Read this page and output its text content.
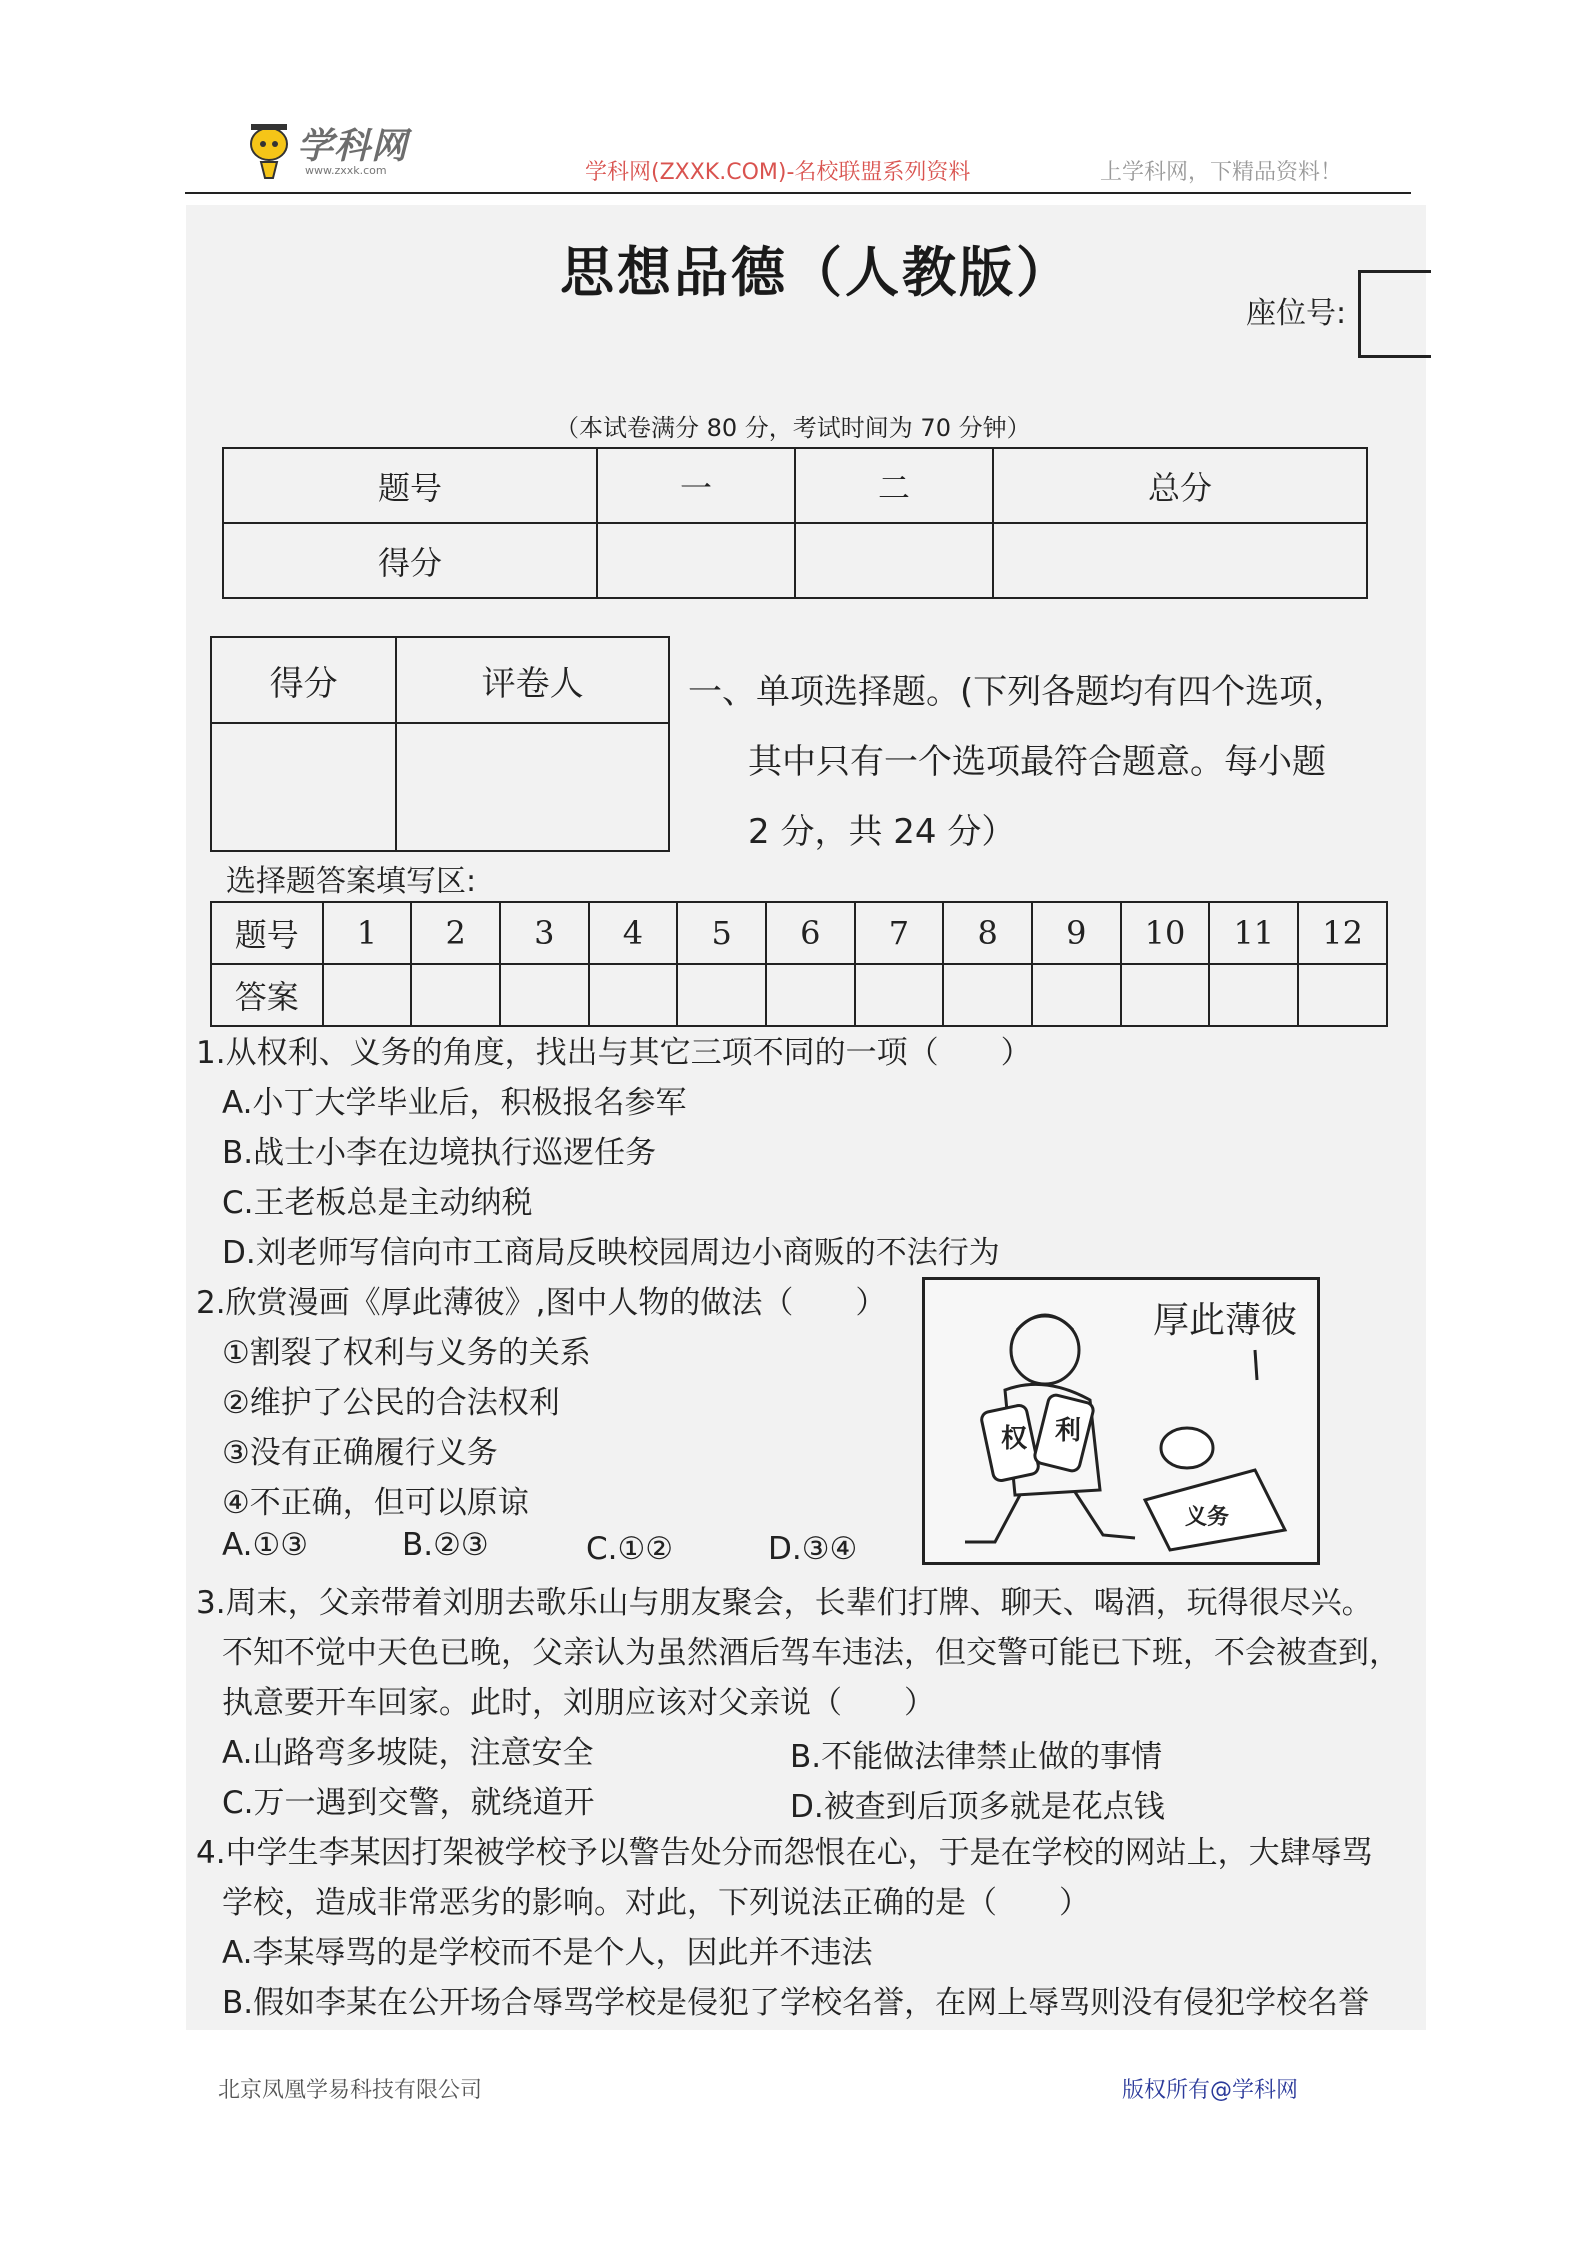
学科网
www.zxxk.com	学科网(ZXXK.COM)-名校联盟系列资料	上学科网，下精品资料！
思想品德（人教版）
座位号:
（本试卷满分 80 分，考试时间为 70 分钟）
题号	一	二	总分
得分			
得分	评卷人
		一、单项选择题。(下列各题均有四个选项，
其中只有一个选项最符合题意。每小题
2 分，共 24 分）
选择题答案填写区:
题号	1	2	3	4	5	6	7	8	9	10	11	12
答案												
1.从权利、义务的角度，找出与其它三项不同的一项（　　）
A.小丁大学毕业后，积极报名参军
B.战士小李在边境执行巡逻任务
C.王老板总是主动纳税
D.刘老师写信向市工商局反映校园周边小商贩的不法行为
2.欣赏漫画《厚此薄彼》,图中人物的做法（　　）
①割裂了权利与义务的关系
②维护了公民的合法权利
③没有正确履行义务
④不正确，但可以原谅
A.①③	B.②③	C.①②	D.③④
厚此薄彼
权 利
义务
3.周末，父亲带着刘朋去歌乐山与朋友聚会，长辈们打牌、聊天、喝酒，玩得很尽兴。
不知不觉中天色已晚，父亲认为虽然酒后驾车违法，但交警可能已下班，不会被查到，
执意要开车回家。此时，刘朋应该对父亲说（　　）
A.山路弯多坡陡，注意安全	B.不能做法律禁止做的事情
C.万一遇到交警，就绕道开	D.被查到后顶多就是花点钱
4.中学生李某因打架被学校予以警告处分而怨恨在心，于是在学校的网站上，大肆辱骂
学校，造成非常恶劣的影响。对此，下列说法正确的是（　　）
A.李某辱骂的是学校而不是个人，因此并不违法
B.假如李某在公开场合辱骂学校是侵犯了学校名誉，在网上辱骂则没有侵犯学校名誉
北京凤凰学易科技有限公司	版权所有@学科网
